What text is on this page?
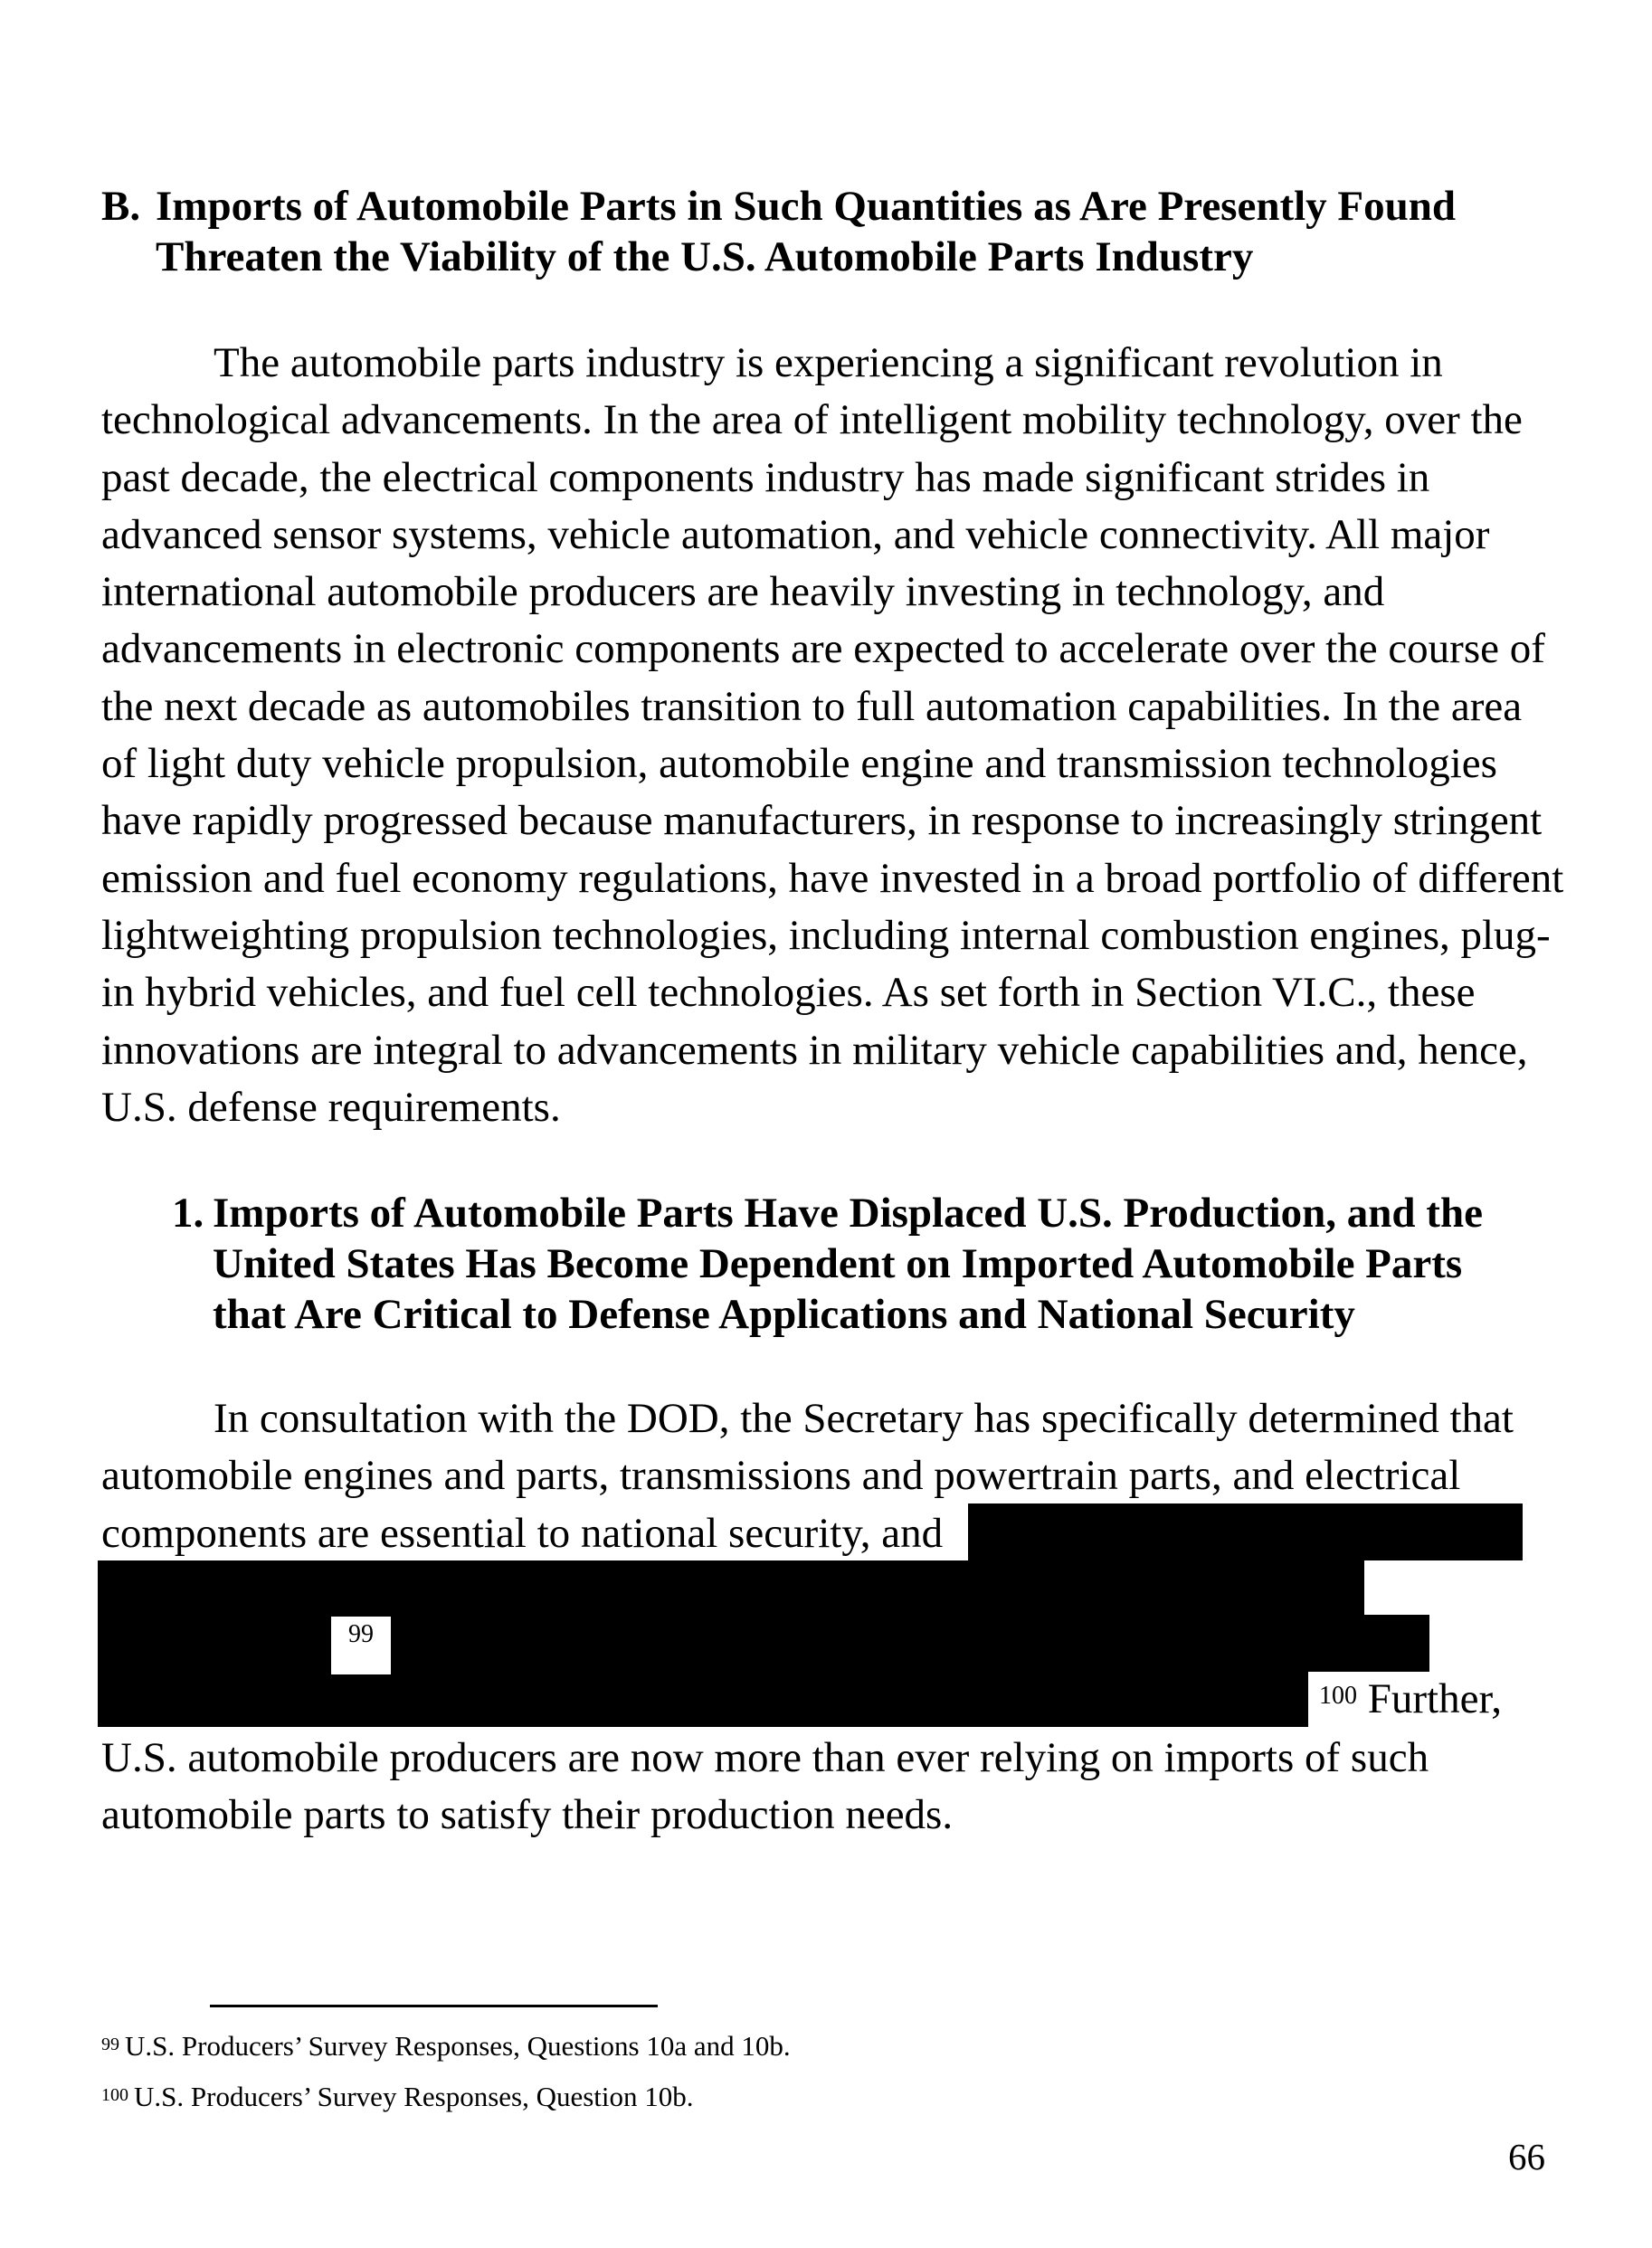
B. Imports of Automobile Parts in Such Quantities as Are Presently Found
Threaten the Viability of the U.S. Automobile Parts Industry

The automobile parts industry is experiencing a significant revolution in technological advancements. In the area of intelligent mobility technology, over the past decade, the electrical components industry has made significant strides in advanced sensor systems, vehicle automation, and vehicle connectivity. All major international automobile producers are heavily investing in technology, and advancements in electronic components are expected to accelerate over the course of the next decade as automobiles transition to full automation capabilities. In the area of light duty vehicle propulsion, automobile engine and transmission technologies have rapidly progressed because manufacturers, in response to increasingly stringent emission and fuel economy regulations, have invested in a broad portfolio of different lightweighting propulsion technologies, including internal combustion engines, plug-in hybrid vehicles, and fuel cell technologies. As set forth in Section VI.C., these innovations are integral to advancements in military vehicle capabilities and, hence, U.S. defense requirements.

1. Imports of Automobile Parts Have Displaced U.S. Production, and the
United States Has Become Dependent on Imported Automobile Parts
that Are Critical to Defense Applications and National Security
In consultation with the DOD, the Secretary has specifically determined that
automobile engines and parts, transmissions and powertrain parts, and electrical
components are essential to national security, and
99
$^{100}$ Further,

U.S. automobile producers are now more than ever relying on imports of such automobile parts to satisfy their production needs.

$^{99}$ U.S. Producers’ Survey Responses, Questions 10a and 10b.

$^{100}$ U.S. Producers’ Survey Responses, Question 10b.

66
